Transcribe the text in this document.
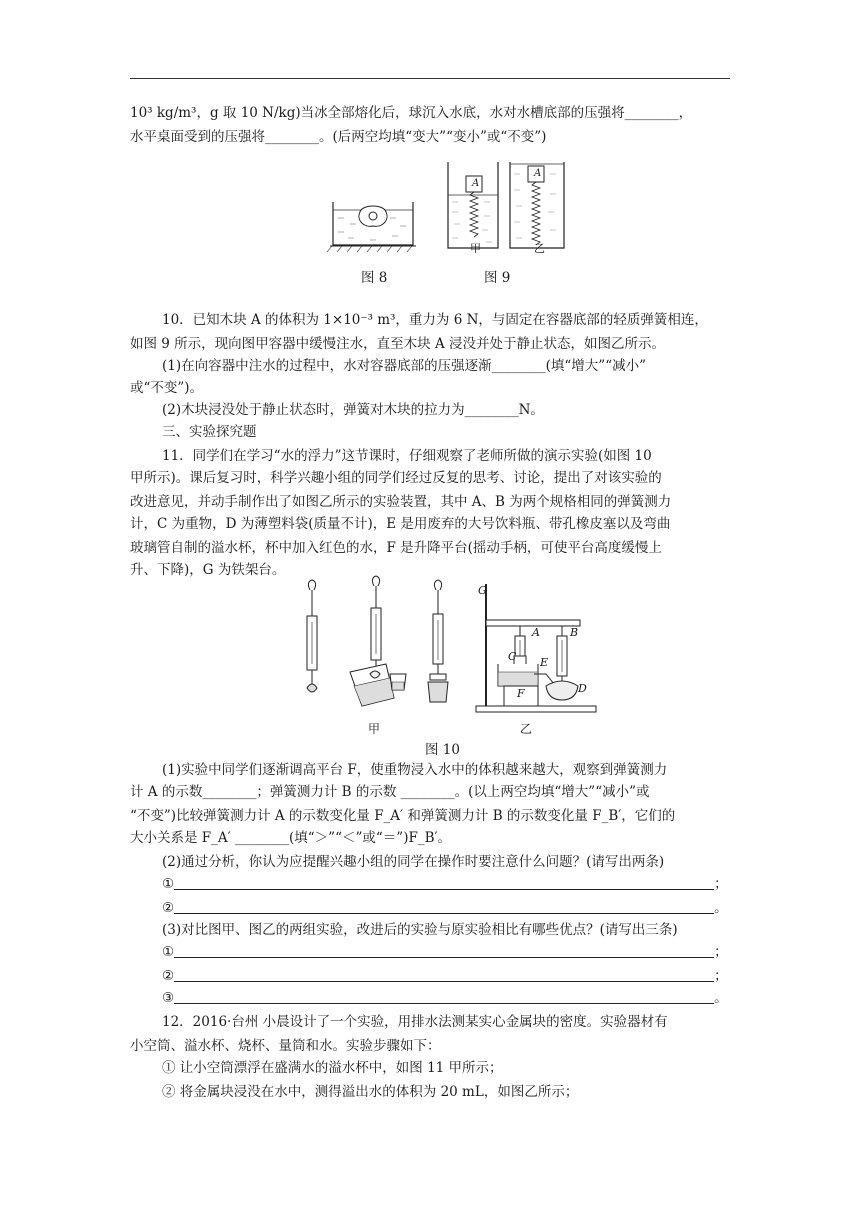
10³ kg/m³，g 取 10 N/kg)当冰全部熔化后，球沉入水底，水对水槽底部的压强将________，
水平桌面受到的压强将________。(后两空均填“变大”“变小”或“不变”)
A
A
甲	乙
图 8	图 9
10．已知木块 A 的体积为 1×10⁻³ m³，重力为 6 N，与固定在容器底部的轻质弹簧相连，
如图 9 所示，现向图甲容器中缓慢注水，直至木块 A 浸没并处于静止状态，如图乙所示。
(1)在向容器中注水的过程中，水对容器底部的压强逐渐________(填“增大”“减小”
或“不变”)。
(2)木块浸没处于静止状态时，弹簧对木块的拉力为________N。
三、实验探究题
11．同学们在学习“水的浮力”这节课时，仔细观察了老师所做的演示实验(如图 10
甲所示)。课后复习时，科学兴趣小组的同学们经过反复的思考、讨论，提出了对该实验的
改进意见，并动手制作出了如图乙所示的实验装置，其中 A、B 为两个规格相同的弹簧测力
计，C 为重物，D 为薄塑料袋(质量不计)，E 是用废弃的大号饮料瓶、带孔橡皮塞以及弯曲
玻璃管自制的溢水杯，杯中加入红色的水，F 是升降平台(摇动手柄，可使平台高度缓慢上
升、下降)，G 为铁架台。
G
A	B
C E
F	D
甲	乙
图 10
(1)实验中同学们逐渐调高平台 F，使重物浸入水中的体积越来越大，观察到弹簧测力
计 A 的示数________；弹簧测力计 B 的示数 ________。(以上两空均填“增大”“减小”或
“不变”)比较弹簧测力计 A 的示数变化量 F_A′ 和弹簧测力计 B 的示数变化量 F_B′，它们的
大小关系是 F_A′ ________(填“＞”“＜”或“＝”)F_B′。
(2)通过分析，你认为应提醒兴趣小组的同学在操作时要注意什么问题？(请写出两条)
①	；
②	。
(3)对比图甲、图乙的两组实验，改进后的实验与原实验相比有哪些优点？(请写出三条)
①	；
②	；
③	。
12．2016·台州 小晨设计了一个实验，用排水法测某实心金属块的密度。实验器材有
小空筒、溢水杯、烧杯、量筒和水。实验步骤如下：
① 让小空筒漂浮在盛满水的溢水杯中，如图 11 甲所示；
② 将金属块浸没在水中，测得溢出水的体积为 20 mL，如图乙所示；
